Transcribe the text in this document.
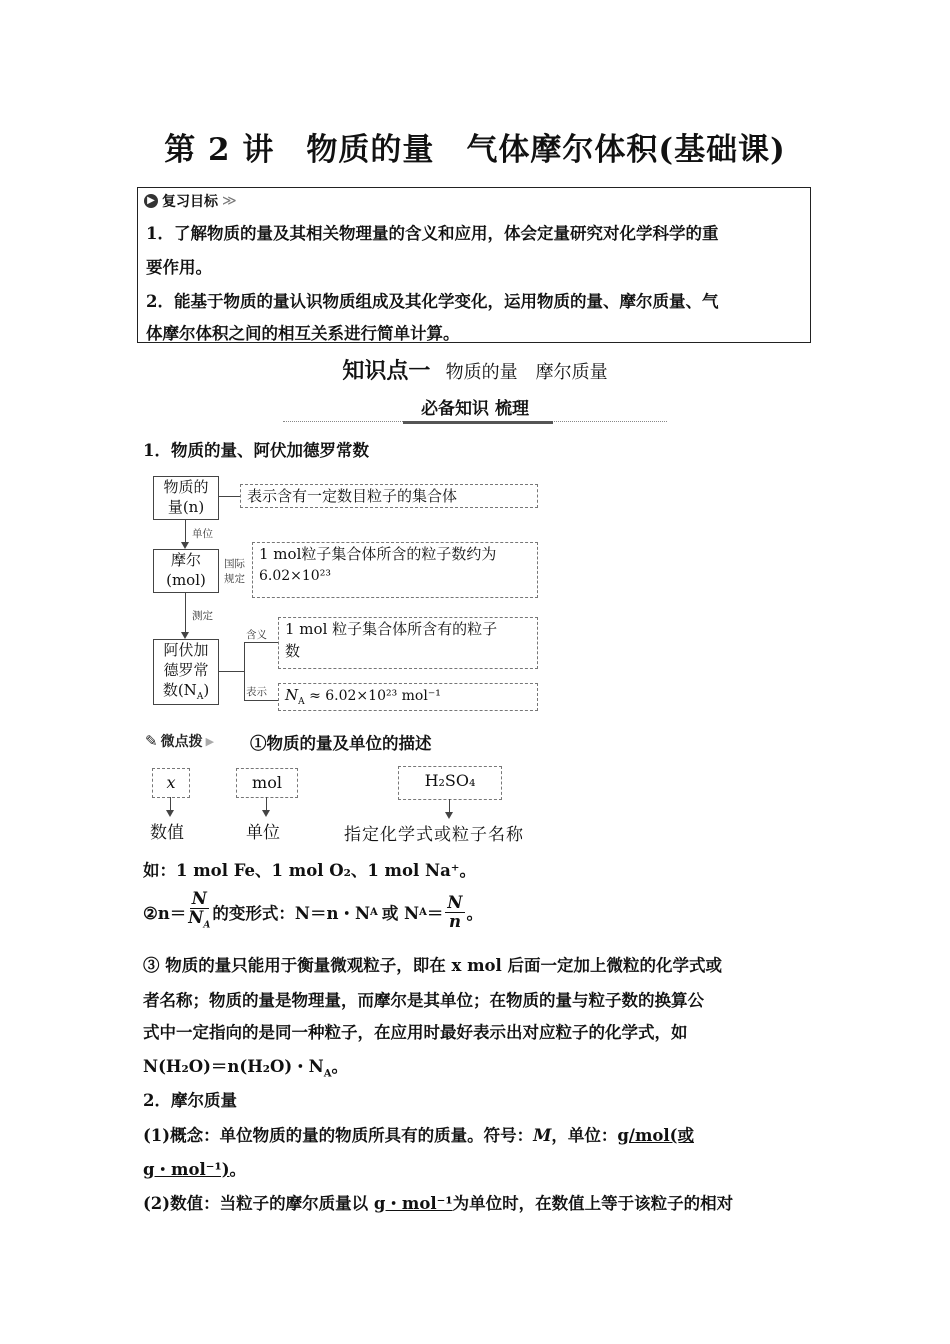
第 2 讲　物质的量　气体摩尔体积(基础课)
▶ 复习目标 ≫
1．了解物质的量及其相关物理量的含义和应用，体会定量研究对化学科学的重
要作用。
2．能基于物质的量认识物质组成及其化学变化，运用物质的量、摩尔质量、气
体摩尔体积之间的相互关系进行简单计算。
知识点一 物质的量　摩尔质量
必备知识 梳理
1．物质的量、阿伏加德罗常数
物质的
量(n)
表示含有一定数目粒子的集合体
单位
摩尔
(mol)
国际
规定
1 mol粒子集合体所含的粒子数约为
6.02×10²³
测定
阿伏加
德罗常
数$(N_A)$
含义
表示
1 mol 粒子集合体所含有的粒子
数
$N_A \approx 6.02\times 10^{23}$ mol⁻¹
✎ 微点拨 ▶ ①物质的量及单位的描述
x	mol	H₂SO₄
数值	单位	指定化学式或粒子名称
如：1 mol Fe、1 mol O₂、1 mol Na⁺。
②n＝ $\frac{N}{N_A}$ 的变形式：N＝n・N A 或 N $A = \frac{N}{n}$ 。
③ 物质的量只能用于衡量微观粒子，即在 x mol 后面一定加上微粒的化学式或
者名称；物质的量是物理量，而摩尔是其单位；在物质的量与粒子数的换算公
式中一定指向的是同一种粒子，在应用时最好表示出对应粒子的化学式，如
N(H₂O)＝n(H₂O)・$N_A$。
2．摩尔质量
(1)概念：单位物质的量的物质所具有的质量。符号：M，单位：g/mol(或
g・mol⁻¹)。
(2)数值：当粒子的摩尔质量以 g・mol⁻¹为单位时，在数值上等于该粒子的相对
